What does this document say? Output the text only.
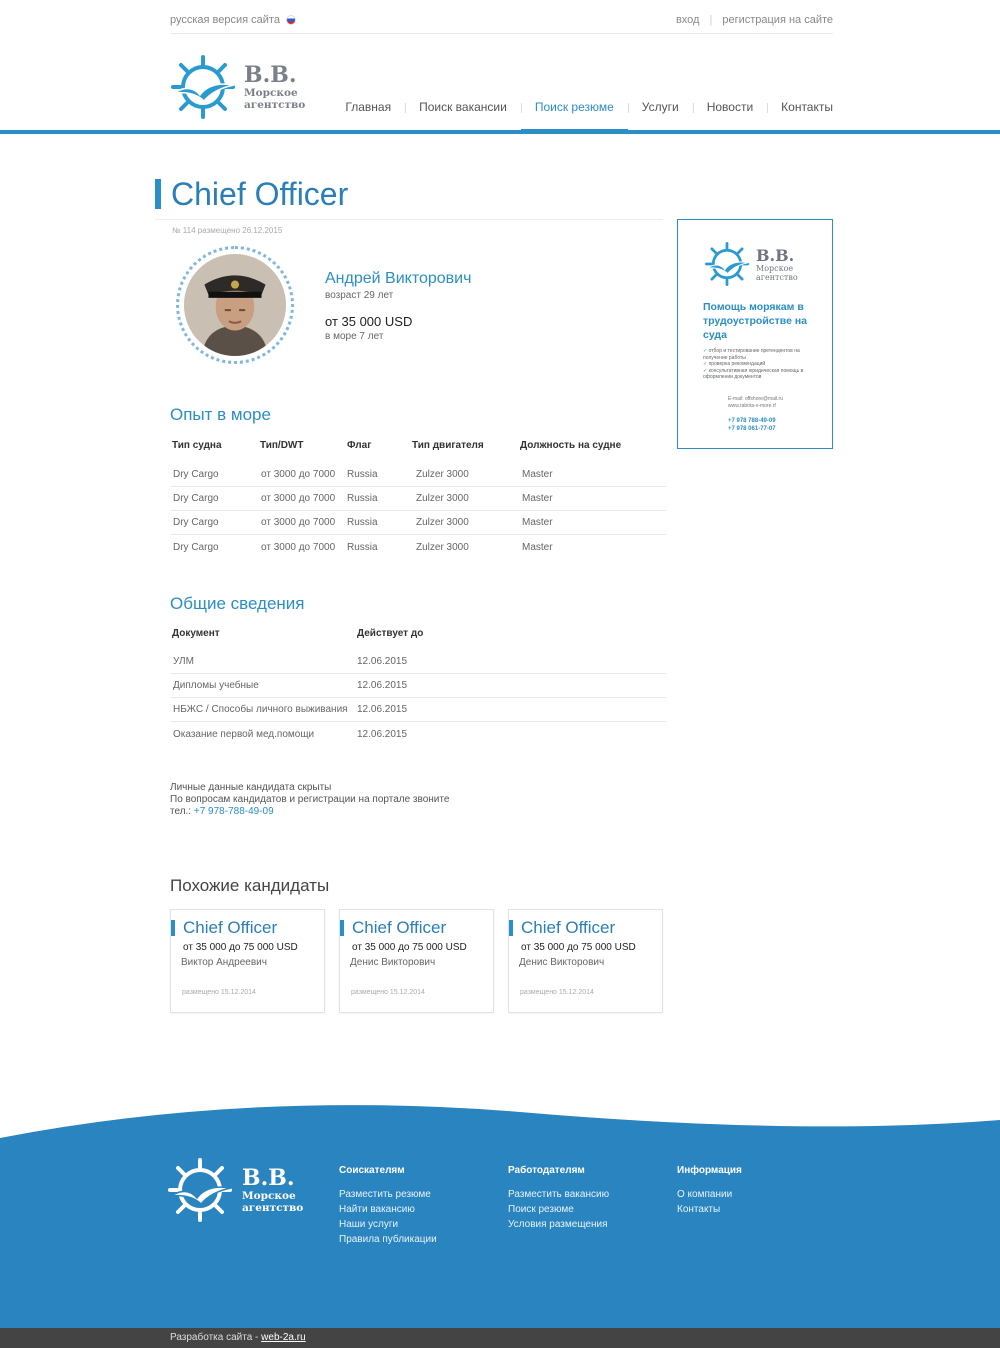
русская версия сайта	вход | регистрация на сайте
В.В.
Морское
агентство	Главная	Поиск вакансии	Поиск резюме	Услуги	Новости	Контакты
Chief Officer
№ 114 размещено 26.12.2015
Андрей Викторович
возраст 29 лет
от 35 000 USD
в море 7 лет
Опыт в море
Тип судна	Тип/DWT	Флаг	Тип двигателя	Должность на судне
Dry Cargo	от 3000 до 7000	Russia	Zulzer 3000	Master
Dry Cargo	от 3000 до 7000	Russia	Zulzer 3000	Master
Dry Cargo	от 3000 до 7000	Russia	Zulzer 3000	Master
Dry Cargo	от 3000 до 7000	Russia	Zulzer 3000	Master
Общие сведения
Документ	Действует до
УЛМ	12.06.2015
Дипломы учебные	12.06.2015
НБЖС / Способы личного выживания 12.06.2015
Оказание первой мед.помощи	12.06.2015
Личные данные кандидата скрыты
По вопросам кандидатов и регистрации на портале звоните
тел.: +7 978-788-49-09
Похожие кандидаты
Chief Officer
от 35 000 до 75 000 USD
Виктор Андреевич
размещено 15.12.2014
Chief Officer
от 35 000 до 75 000 USD
Денис Викторович
размещено 15.12.2014
Chief Officer
от 35 000 до 75 000 USD
Денис Викторович
размещено 15.12.2014
В.В.
Морское
агентство
Помощь морякам в трудоустройстве на суда
✓ отбор и тестирование претендентов на получение работы
✓ проверка рекомендаций
✓ консультативная юридическая помощь в оформлении документов
E-mail: offshore@mail.ru
www.rabota-v-more.rf
+7 978 788-49-09
+7 978 061-77-07
В.В.
Морское
агентство
Соискателям
Разместить резюме
Найти вакансию
Наши услуги
Правила публикации
Работодателям
Разместить вакансию
Поиск резюме
Условия размещения
Информация
О компании
Контакты
Разработка сайта - web-2a.ru
